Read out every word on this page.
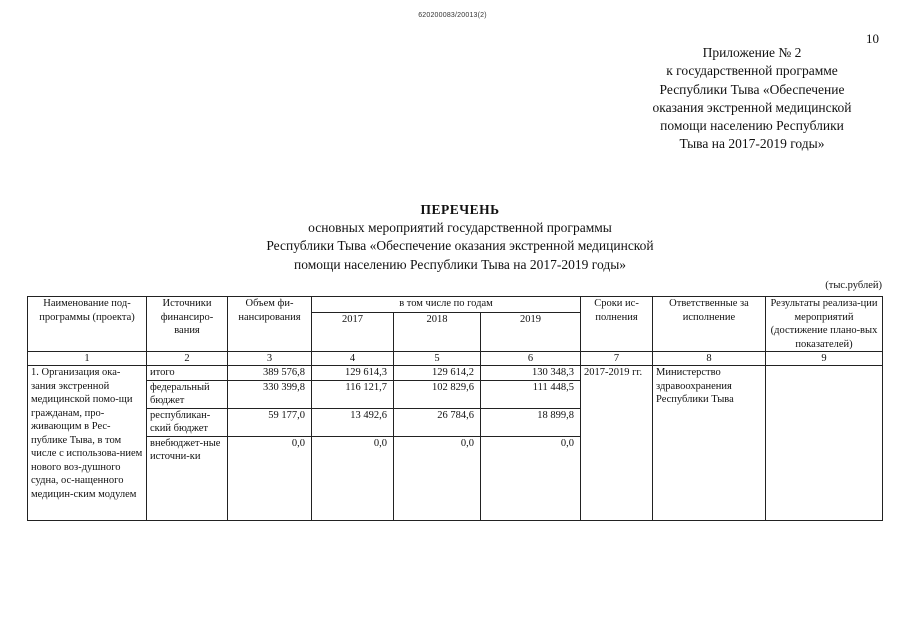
620200083/20013(2)
10
Приложение № 2
к государственной программе
Республики Тыва «Обеспечение
оказания экстренной медицинской
помощи населению Республики
Тыва на 2017-2019 годы»
ПЕРЕЧЕНЬ
основных мероприятий государственной программы
Республики Тыва «Обеспечение оказания экстренной медицинской
помощи населению Республики Тыва на 2017-2019 годы»
(тыс.рублей)
Наименование под-программы (проекта)	Источники финансиро-вания	Объем фи-нансирования	в том числе по годам			Сроки ис-полнения	Ответственные за исполнение	Результаты реализа-ции мероприятий (достижение плано-вых показателей)
			2017	2018	2019			
1	2	3	4	5	6	7	8	9
1. Организация ока-зания экстренной медицинской помо-щи гражданам, про-живающим в Рес-публике Тыва, в том числе с использова-нием нового воз-душного судна, ос-нащенного медицин-ским модулем	итого	389 576,8	129 614,3	129 614,2	130 348,3	2017-2019 гг.	Министерство здравоохранения Республики Тыва	
	федеральный бюджет	330 399,8	116 121,7	102 829,6	111 448,5			
	республикан-ский бюджет	59 177,0	13 492,6	26 784,6	18 899,8			
	внебюджет-ные источни-ки	0,0	0,0	0,0	0,0			
